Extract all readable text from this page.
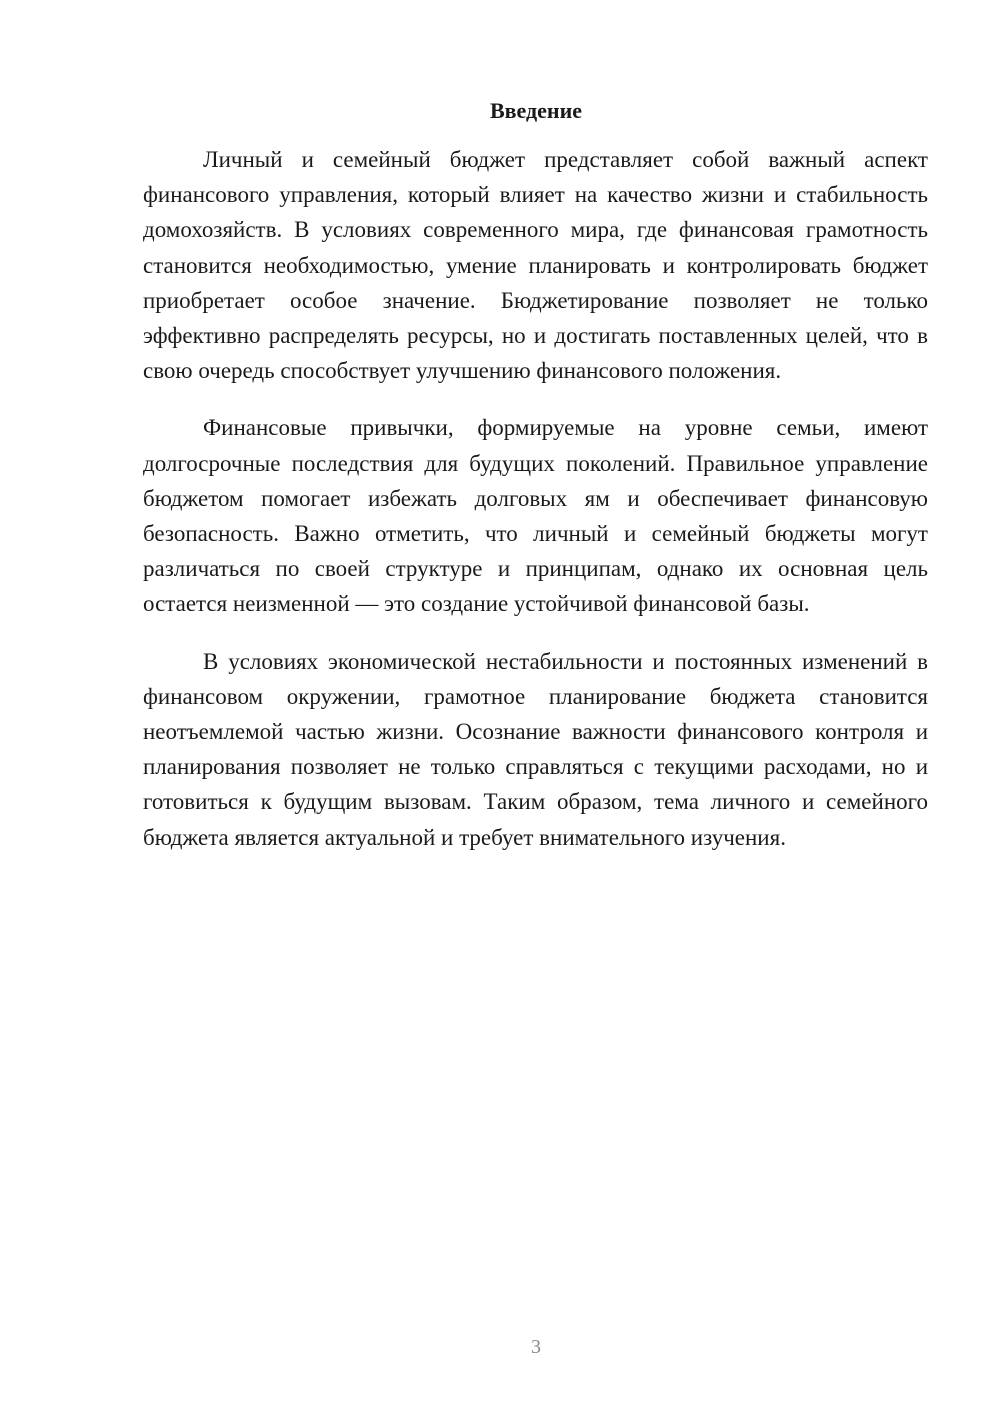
Введение

Личный и семейный бюджет представляет собой важный аспект финансового управления, который влияет на качество жизни и стабильность домохозяйств. В условиях современного мира, где финансовая грамотность становится необходимостью, умение планировать и контролировать бюджет приобретает особое значение. Бюджетирование позволяет не только эффективно распределять ресурсы, но и достигать поставленных целей, что в свою очередь способствует улучшению финансового положения.

Финансовые привычки, формируемые на уровне семьи, имеют долгосрочные последствия для будущих поколений. Правильное управление бюджетом помогает избежать долговых ям и обеспечивает финансовую безопасность. Важно отметить, что личный и семейный бюджеты могут различаться по своей структуре и принципам, однако их основная цель остается неизменной — это создание устойчивой финансовой базы.

В условиях экономической нестабильности и постоянных изменений в финансовом окружении, грамотное планирование бюджета становится неотъемлемой частью жизни. Осознание важности финансового контроля и планирования позволяет не только справляться с текущими расходами, но и готовиться к будущим вызовам. Таким образом, тема личного и семейного бюджета является актуальной и требует внимательного изучения.

3
